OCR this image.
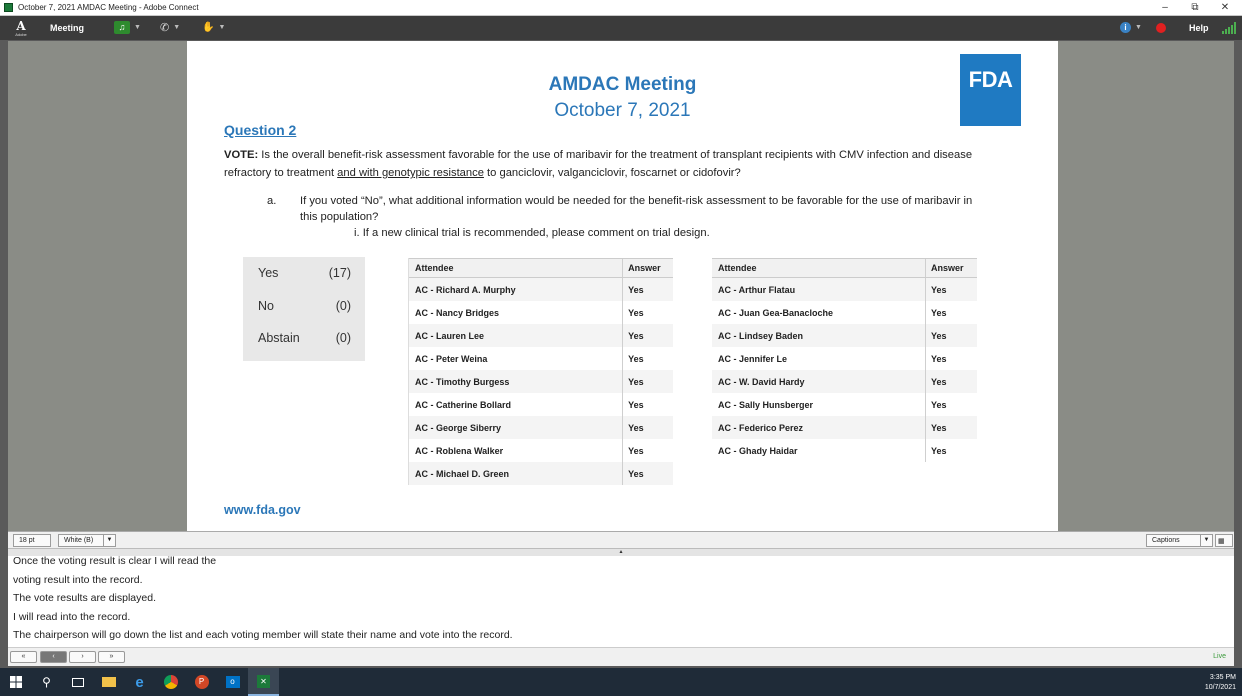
October 7, 2021 AMDAC Meeting - Adobe Connect	–	⧉	✕
A
Adobe
Meeting	♫	▼ ✆ ▼ ✋ ▼	i	▼	Help
AMDAC Meeting
October 7, 2021
FDA
Question 2
VOTE: Is the overall benefit-risk assessment favorable for the use of maribavir for the treatment of transplant recipients with CMV infection and disease refractory to treatment and with genotypic resistance to ganciclovir, valganciclovir, foscarnet or cidofovir?
a. If you voted “No”, what additional information would be needed for the benefit-risk assessment to be favorable for the use of maribavir in this population?
i. If a new clinical trial is recommended, please comment on trial design.
Yes	(17)
No	(0)
Abstain	(0)
Attendee	Answer
AC - Richard A. Murphy	Yes
AC - Nancy Bridges	Yes
AC - Lauren Lee	Yes
AC - Peter Weina	Yes
AC - Timothy Burgess	Yes
AC - Catherine Bollard	Yes
AC - George Siberry	Yes
AC - Roblena Walker	Yes
AC - Michael D. Green	Yes
Attendee	Answer
AC - Arthur Flatau	Yes
AC - Juan Gea-Banacloche	Yes
AC - Lindsey Baden	Yes
AC - Jennifer Le	Yes
AC - W. David Hardy	Yes
AC - Sally Hunsberger	Yes
AC - Federico Perez	Yes
AC - Ghady Haidar	Yes
www.fda.gov
18 pt	White (B)	▼	Captions	▼	▦
▴
Once the voting result is clear I will read the
voting result into the record.
The vote results are displayed.
I will read into the record.
The chairperson will go down the list and each voting member will state their name and vote into the record.
«	‹	›	»	Live
⚲	e	P	o	✕	3:35 PM
10/7/2021
